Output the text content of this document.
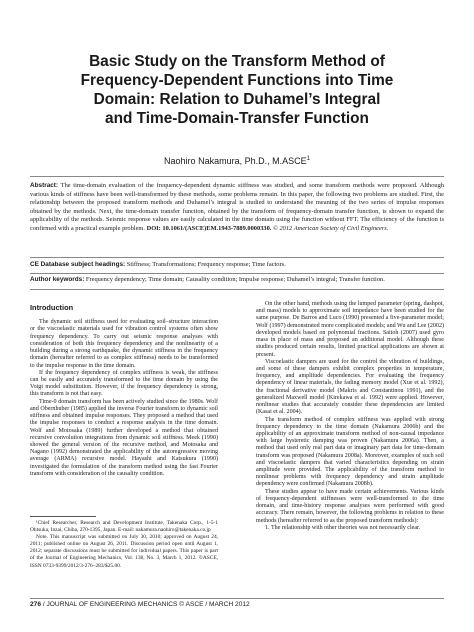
Basic Study on the Transform Method of
Frequency-Dependent Functions into Time
Domain: Relation to Duhamel’s Integral
and Time-Domain-Transfer Function
Naohiro Nakamura, Ph.D., M.ASCE$^1$
Abstract: The time-domain evaluation of the frequency-dependent dynamic stiffness was studied, and some transform methods were proposed. Although various kinds of stiffness have been well-transformed by these methods, some problems remain. In this paper, the following two problems are studied. First, the relationship between the proposed transform methods and Duhamel’s integral is studied to understand the meaning of the two series of impulse responses obtained by the methods. Next, the time-domain transfer function, obtained by the transform of frequency-domain transfer function, is shown to expand the applicability of the methods. Seismic response values are easily calculated in the time domain using the function without FFT. The efficiency of the function is confirmed with a practical example problem. DOI: 10.1061/(ASCE)EM.1943-7889.0000330. © 2012 American Society of Civil Engineers.
CE Database subject headings: Stiffness; Transformations; Frequency response; Time factors.
Author keywords: Frequency dependency; Time domain; Causality condition; Impulse response; Duhamel’s integral; Transfer function.
Introduction

The dynamic soil stiffness used for evaluating soil–structure interaction or the viscoelastic materials used for vibration control systems often show frequency dependency. To carry out seismic response analyses with consideration of both this frequency dependency and the nonlinearity of a building during a strong earthquake, the dynamic stiffness in the frequency domain (hereafter referred to as complex stiffness) needs to be transformed to the impulse response in the time domain.

If the frequency dependency of complex stiffness is weak, the stiffness can be easily and accurately transformed to the time domain by using the Voigt model substitution. However, if the frequency dependency is strong, this transform is not that easy.

Time-0 domain transform has been actively studied since the 1980s. Wolf and Obernhuber (1985) applied the inverse Fourier transform to dynamic soil stiffness and obtained impulse responses. They proposed a method that used the impulse responses to conduct a response analysis in the time domain. Wolf and Motosaka (1989) further developed a method that obtained recursive convolution integrations from dynamic soil stiffness. Meek (1990) showed the general version of the recursive method, and Motosaka and Nagano (1992) demonstrated the applicability of the autoregressive moving average (ARMA) recursive model. Hayashi and Katsukura (1990) investigated the formulation of the transform method using the fast Fourier transform with consideration of the causality condition.

¹Chief Researcher, Research and Development Institute, Takenaka Corp., 1-5-1 Ohtsuka, Inzai, Chiba, 270-1395, Japan. E-mail: nakamura.naohiro@takenaka.co.jp

Note. This manuscript was submitted on July 30, 2010; approved on August 24, 2011; published online on August 26, 2011. Discussion period open until August 1, 2012; separate discussions must be submitted for individual papers. This paper is part of the Journal of Engineering Mechanics, Vol. 138, No. 3, March 1, 2012. ©ASCE, ISSN 0733-9399/2012/3-276–283/$25.00.

On the other hand, methods using the lumped parameter (spring, dashpot, and mass) models to approximate soil impedance have been studied for the same purpose. De Barros and Luco (1990) presented a five-parameter model; Wolf (1997) demonstrated more complicated models; and Wu and Lee (2002) developed models based on polynomial fractions. Saitoh (2007) used gyro mass in place of mass and proposed an additional model. Although these studies produced certain results, limited practical applications are shown at present.

Viscoelastic dampers are used for the control the vibration of buildings, and some of these dampers exhibit complex properties in temperature, frequency, and amplitude dependencies. For evaluating the frequency dependency of linear materials, the fading memory model (Xue et al. 1992), the fractional derivative model (Makris and Constantinou 1991), and the generalized Maxwell model (Kirekawa et al. 1992) were applied. However, nonlinear studies that accurately consider these dependencies are limited (Kasai et al. 2004).

The transform method of complex stiffness was applied with strong frequency dependency to the time domain (Nakamura 2006b) and the applicability of an approximate transform method of non-causal impedance with large hysteretic damping was proven (Nakamura 2006a). Then, a method that used only real part data or imaginary part data for time-domain transform was proposed (Nakamura 2008a). Moreover, examples of such soil and viscoelastic dampers that varied characteristics depending on strain amplitude were provided. The applicability of the transform method to nonlinear problems with frequency dependency and strain amplitude dependency were confirmed (Nakamura 2008b).

These studies appear to have made certain achievements. Various kinds of frequency-dependent stiffnesses were well-transformed to the time domain, and time-history response analyses were performed with good accuracy. There remain, however, the following problems in relation to these methods (hereafter referred to as the proposed transform methods):

1. The relationship with other theories was not necessarily clear.

276 / JOURNAL OF ENGINEERING MECHANICS © ASCE / MARCH 2012
